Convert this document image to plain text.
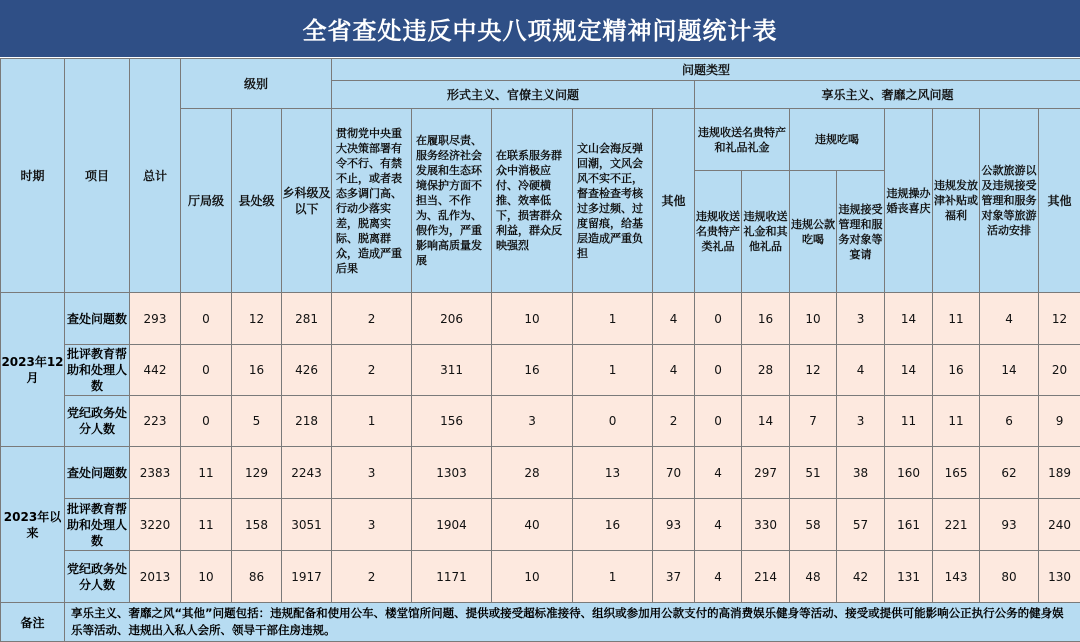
全省查处违反中央八项规定精神问题统计表
时期	项目	总计	级别			问题类型												
						形式主义、官僚主义问题					享乐主义、奢靡之风问题							
			厅局级	县处级	乡科级及以下	贯彻党中央重大决策部署有令不行、有禁不止，或者表态多调门高、行动少落实差，脱离实际、脱离群众，造成严重后果	在履职尽责、服务经济社会发展和生态环境保护方面不担当、不作为、乱作为、假作为，严重影响高质量发展	在联系服务群众中消极应付、冷硬横推、效率低下，损害群众利益，群众反映强烈	文山会海反弹回潮，文风会风不实不正，督查检查考核过多过频、过度留痕，给基层造成严重负担	其他	违规收送名贵特产和礼品礼金		违规吃喝		违规操办婚丧喜庆	违规发放津补贴或福利	公款旅游以及违规接受管理和服务对象等旅游活动安排	其他
											违规收送名贵特产类礼品	违规收送礼金和其他礼品	违规公款吃喝	违规接受管理和服务对象等宴请				
2023年12月	查处问题数	293	0	12	281	2	206	10	1	4	0	16	10	3	14	11	4	12
	批评教育帮助和处理人数	442	0	16	426	2	311	16	1	4	0	28	12	4	14	16	14	20
	党纪政务处分人数	223	0	5	218	1	156	3	0	2	0	14	7	3	11	11	6	9
2023年以来	查处问题数	2383	11	129	2243	3	1303	28	13	70	4	297	51	38	160	165	62	189
	批评教育帮助和处理人数	3220	11	158	3051	3	1904	40	16	93	4	330	58	57	161	221	93	240
	党纪政务处分人数	2013	10	86	1917	2	1171	10	1	37	4	214	48	42	131	143	80	130
备注	享乐主义、奢靡之风“其他”问题包括：违规配备和使用公车、楼堂馆所问题、提供或接受超标准接待、组织或参加用公款支付的高消费娱乐健身等活动、接受或提供可能影响公正执行公务的健身娱乐等活动、违规出入私人会所、领导干部住房违规。																	
